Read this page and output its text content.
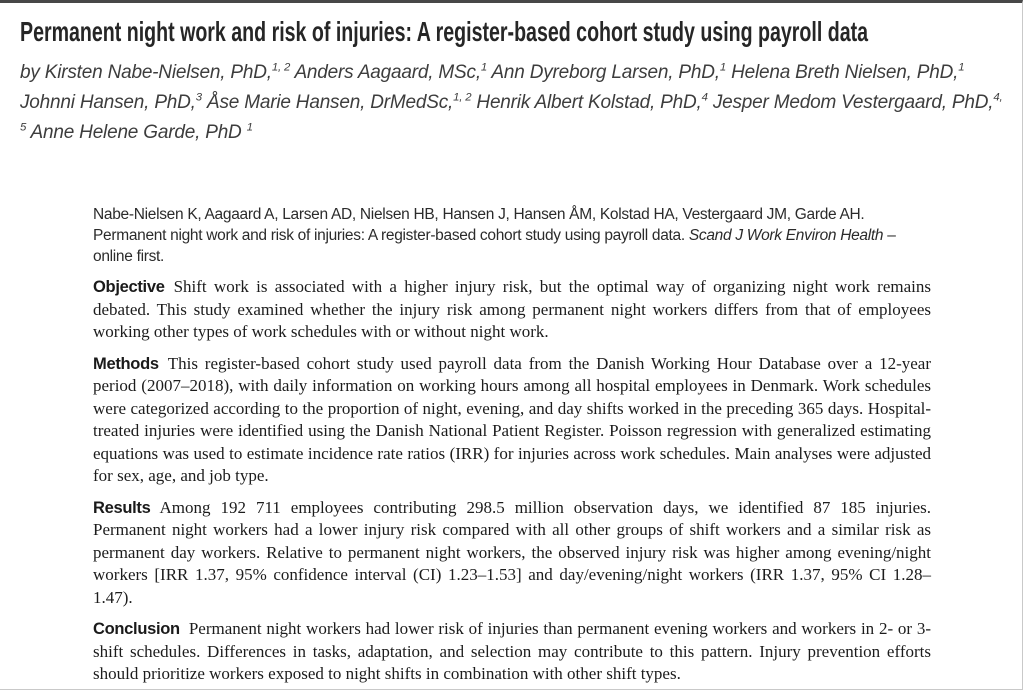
Permanent night work and risk of injuries: A register-based cohort study using payroll data

by Kirsten Nabe-Nielsen, PhD,$^{1, 2}$ Anders Aagaard, MSc,$^1$ Ann Dyreborg Larsen, PhD,$^1$ Helena Breth Nielsen, PhD,$^1$ Johnni Hansen, PhD,$^3$ Åse Marie Hansen, DrMedSc,$^{1, 2}$ Henrik Albert Kolstad, PhD,$^4$ Jesper Medom Vestergaard, PhD,$^{4, 5}$ Anne Helene Garde, PhD $^1$

Nabe-Nielsen K, Aagaard A, Larsen AD, Nielsen HB, Hansen J, Hansen ÅM, Kolstad HA, Vestergaard JM, Garde AH. Permanent night work and risk of injuries: A register-based cohort study using payroll data. Scand J Work Environ Health – online first.

Objective Shift work is associated with a higher injury risk, but the optimal way of organizing night work remains debated. This study examined whether the injury risk among permanent night workers differs from that of employees working other types of work schedules with or without night work.

Methods This register-based cohort study used payroll data from the Danish Working Hour Database over a 12-year period (2007–2018), with daily information on working hours among all hospital employees in Denmark. Work schedules were categorized according to the proportion of night, evening, and day shifts worked in the preceding 365 days. Hospital-treated injuries were identified using the Danish National Patient Register. Poisson regression with generalized estimating equations was used to estimate incidence rate ratios (IRR) for injuries across work schedules. Main analyses were adjusted for sex, age, and job type.

Results Among 192 711 employees contributing 298.5 million observation days, we identified 87 185 injuries. Permanent night workers had a lower injury risk compared with all other groups of shift workers and a similar risk as permanent day workers. Relative to permanent night workers, the observed injury risk was higher among evening/night workers [IRR 1.37, 95% confidence interval (CI) 1.23–1.53] and day/evening/night workers (IRR 1.37, 95% CI 1.28–1.47).

Conclusion Permanent night workers had lower risk of injuries than permanent evening workers and workers in 2- or 3-shift schedules. Differences in tasks, adaptation, and selection may contribute to this pattern. Injury prevention efforts should prioritize workers exposed to night shifts in combination with other shift types.
